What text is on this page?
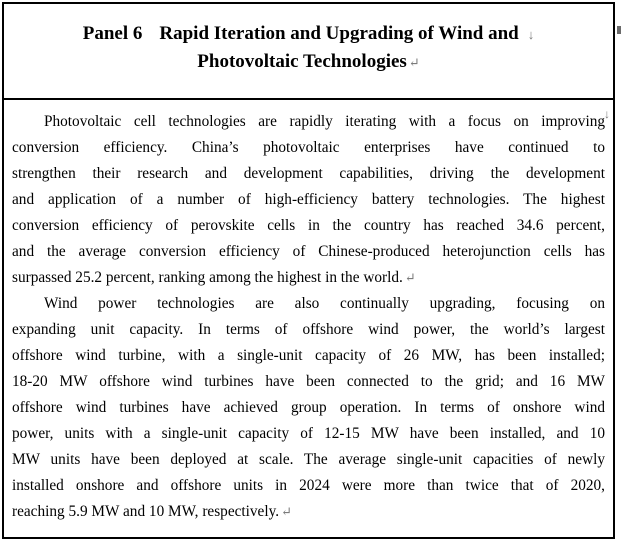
Panel 6 Rapid Iteration and Upgrading of Wind and ↓
Photovoltaic Technologies ↵
Photovoltaic cell technologies are rapidly iterating with a focus on improving
conversion efficiency. China’s photovoltaic enterprises have continued to
strengthen their research and development capabilities, driving the development
and application of a number of high-efficiency battery technologies. The highest
conversion efficiency of perovskite cells in the country has reached 34.6 percent,
and the average conversion efficiency of Chinese-produced heterojunction cells has
surpassed 25.2 percent, ranking among the highest in the world. ↵
Wind power technologies are also continually upgrading, focusing on
expanding unit capacity. In terms of offshore wind power, the world’s largest
offshore wind turbine, with a single-unit capacity of 26 MW, has been installed;
18-20 MW offshore wind turbines have been connected to the grid; and 16 MW
offshore wind turbines have achieved group operation. In terms of onshore wind
power, units with a single-unit capacity of 12-15 MW have been installed, and 10
MW units have been deployed at scale. The average single-unit capacities of newly
installed onshore and offshore units in 2024 were more than twice that of 2020,
reaching 5.9 MW and 10 MW, respectively. ↵
↓
